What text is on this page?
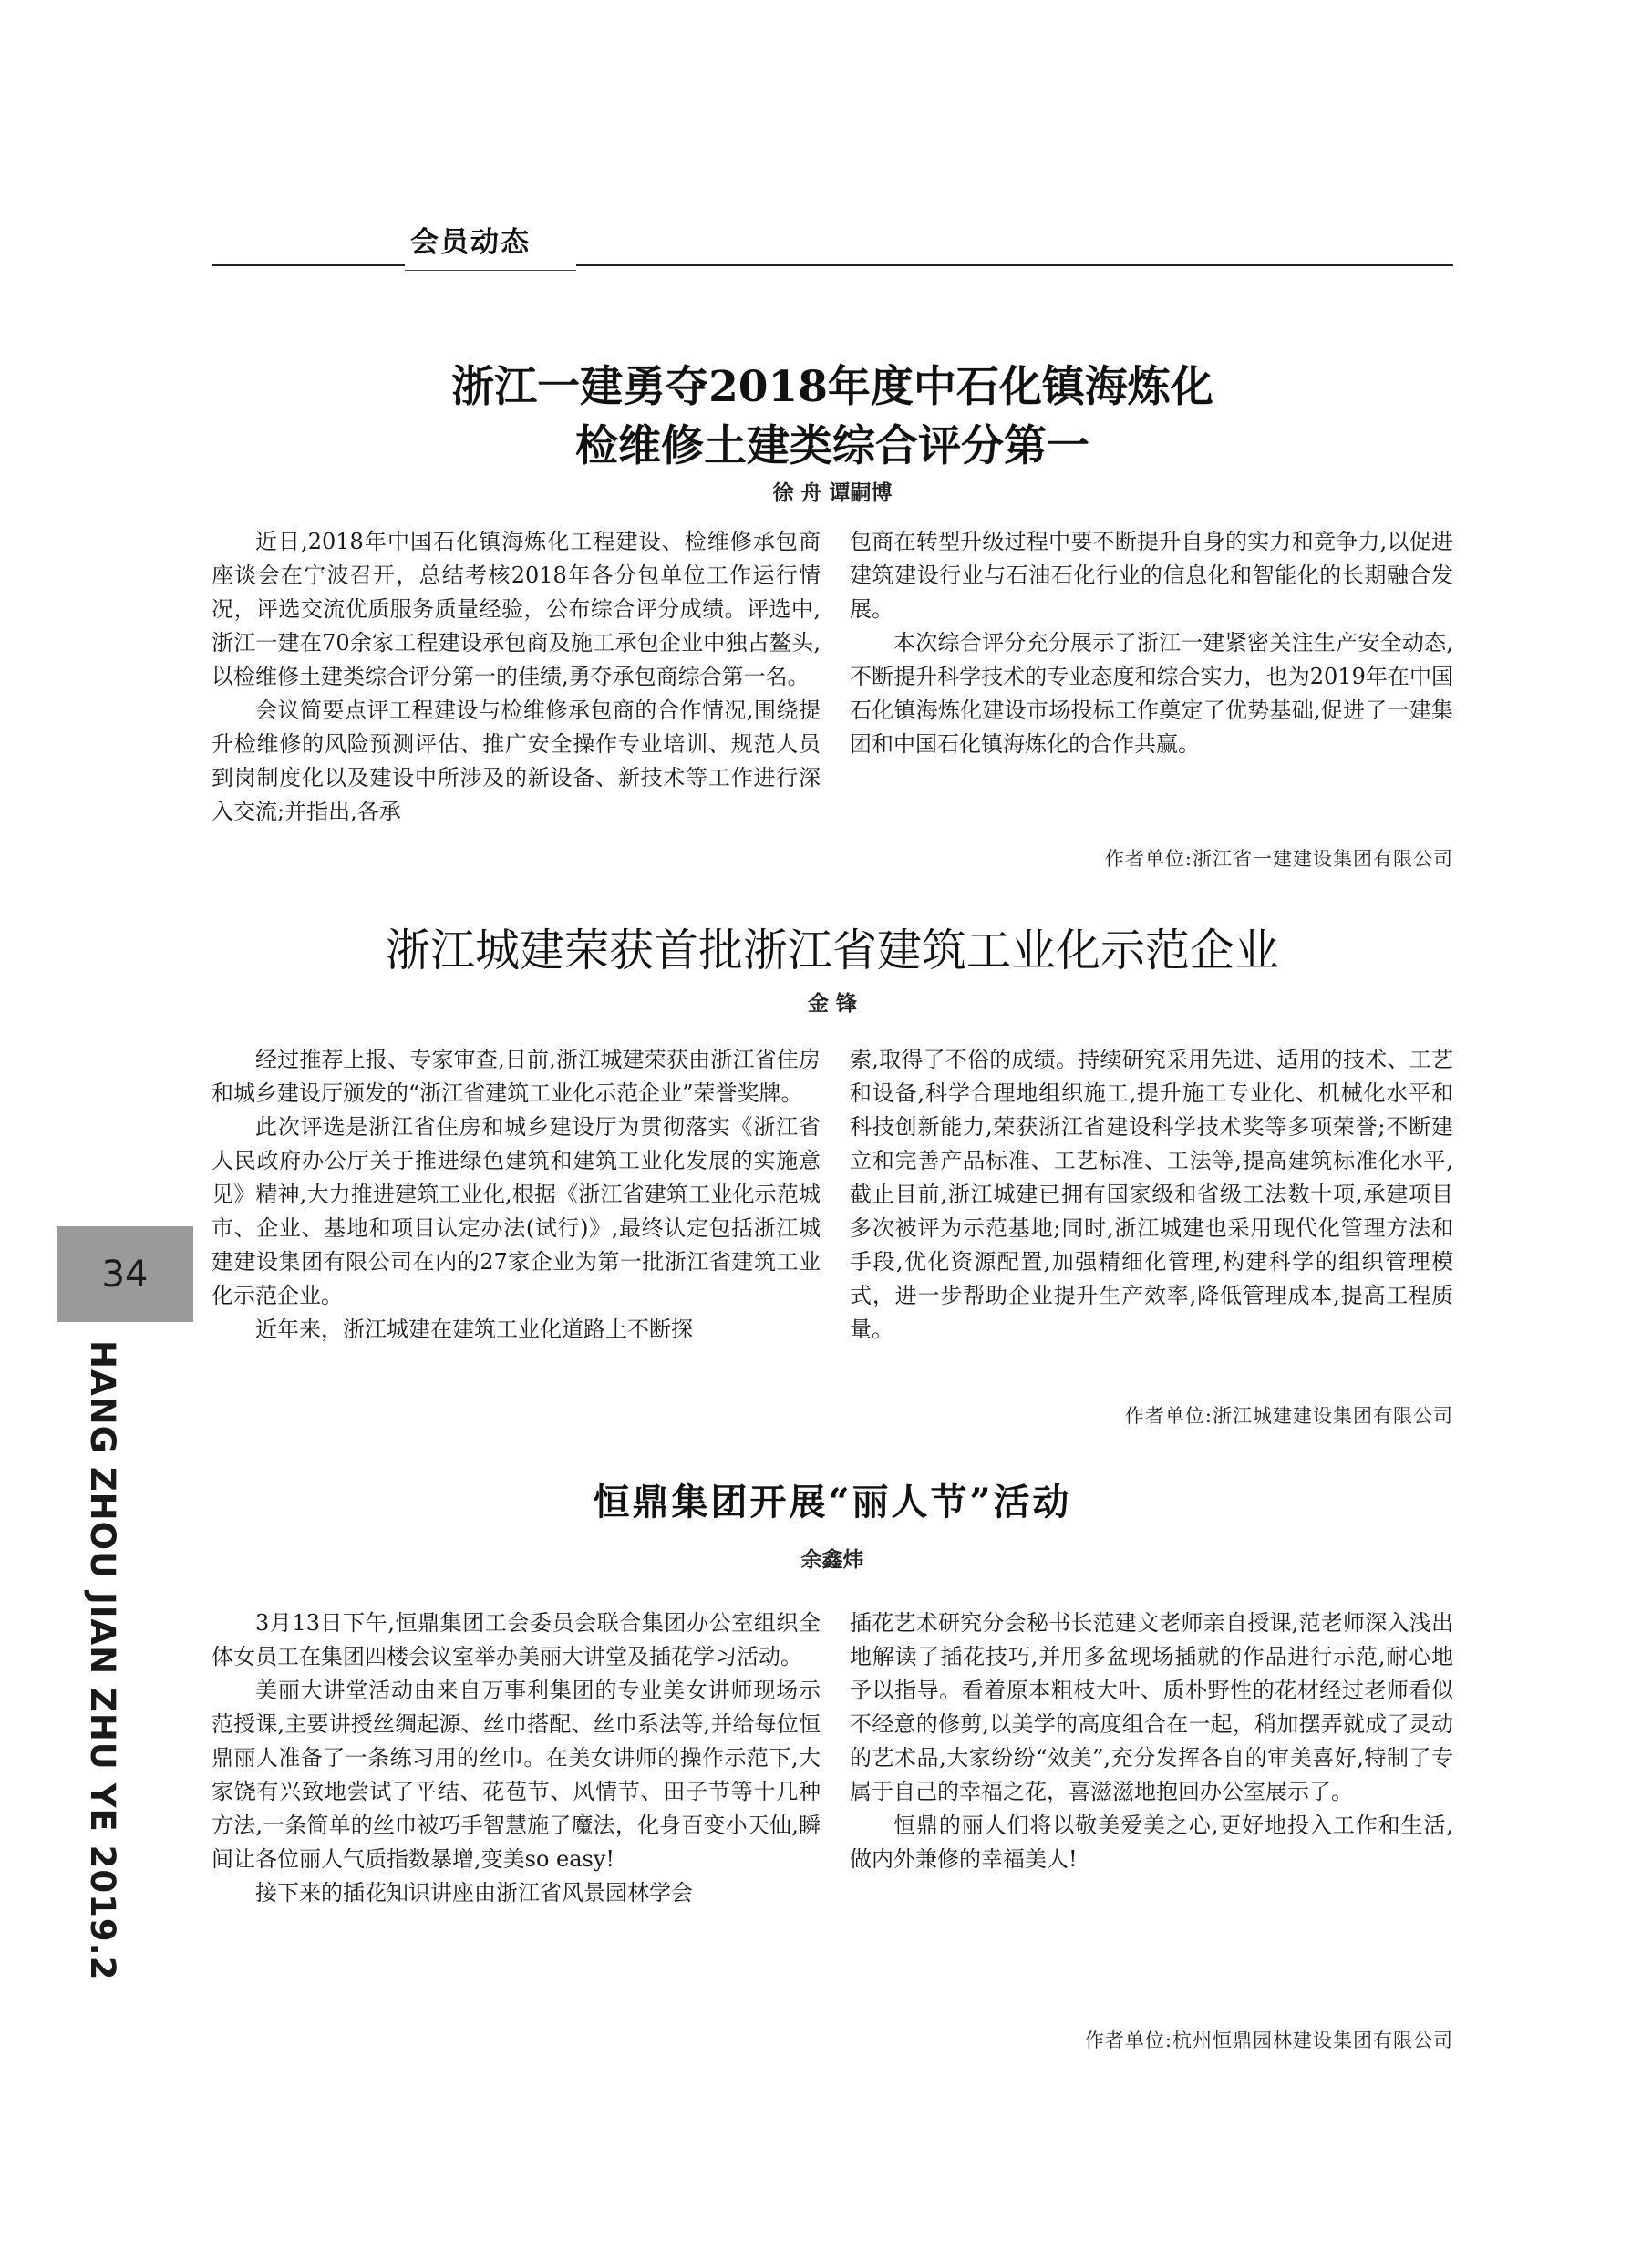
会员动态
34
HANG ZHOU JIAN ZHU YE 2019.2
浙江一建勇夺2018年度中石化镇海炼化
检维修土建类综合评分第一
徐 舟 谭嗣博

近日,2018年中国石化镇海炼化工程建设、检维修承包商座谈会在宁波召开，总结考核2018年各分包单位工作运行情况，评选交流优质服务质量经验，公布综合评分成绩。评选中,浙江一建在70余家工程建设承包商及施工承包企业中独占鳌头,以检维修土建类综合评分第一的佳绩,勇夺承包商综合第一名。

会议简要点评工程建设与检维修承包商的合作情况,围绕提升检维修的风险预测评估、推广安全操作专业培训、规范人员到岗制度化以及建设中所涉及的新设备、新技术等工作进行深入交流;并指出,各承

包商在转型升级过程中要不断提升自身的实力和竞争力,以促进建筑建设行业与石油石化行业的信息化和智能化的长期融合发展。

本次综合评分充分展示了浙江一建紧密关注生产安全动态,不断提升科学技术的专业态度和综合实力，也为2019年在中国石化镇海炼化建设市场投标工作奠定了优势基础,促进了一建集团和中国石化镇海炼化的合作共赢。

作者单位:浙江省一建建设集团有限公司
浙江城建荣获首批浙江省建筑工业化示范企业
金 锋

经过推荐上报、专家审查,日前,浙江城建荣获由浙江省住房和城乡建设厅颁发的“浙江省建筑工业化示范企业”荣誉奖牌。

此次评选是浙江省住房和城乡建设厅为贯彻落实《浙江省人民政府办公厅关于推进绿色建筑和建筑工业化发展的实施意见》精神,大力推进建筑工业化,根据《浙江省建筑工业化示范城市、企业、基地和项目认定办法(试行)》,最终认定包括浙江城建建设集团有限公司在内的27家企业为第一批浙江省建筑工业化示范企业。

近年来，浙江城建在建筑工业化道路上不断探

索,取得了不俗的成绩。持续研究采用先进、适用的技术、工艺和设备,科学合理地组织施工,提升施工专业化、机械化水平和科技创新能力,荣获浙江省建设科学技术奖等多项荣誉;不断建立和完善产品标准、工艺标准、工法等,提高建筑标准化水平,截止目前,浙江城建已拥有国家级和省级工法数十项,承建项目多次被评为示范基地;同时,浙江城建也采用现代化管理方法和手段,优化资源配置,加强精细化管理,构建科学的组织管理模式，进一步帮助企业提升生产效率,降低管理成本,提高工程质量。

作者单位:浙江城建建设集团有限公司
恒鼎集团开展“丽人节”活动
余鑫炜

3月13日下午,恒鼎集团工会委员会联合集团办公室组织全体女员工在集团四楼会议室举办美丽大讲堂及插花学习活动。

美丽大讲堂活动由来自万事利集团的专业美女讲师现场示范授课,主要讲授丝绸起源、丝巾搭配、丝巾系法等,并给每位恒鼎丽人准备了一条练习用的丝巾。在美女讲师的操作示范下,大家饶有兴致地尝试了平结、花苞节、风情节、田子节等十几种方法,一条简单的丝巾被巧手智慧施了魔法，化身百变小天仙,瞬间让各位丽人气质指数暴增,变美so easy!

接下来的插花知识讲座由浙江省风景园林学会

插花艺术研究分会秘书长范建文老师亲自授课,范老师深入浅出地解读了插花技巧,并用多盆现场插就的作品进行示范,耐心地予以指导。看着原本粗枝大叶、质朴野性的花材经过老师看似不经意的修剪,以美学的高度组合在一起，稍加摆弄就成了灵动的艺术品,大家纷纷“效美”,充分发挥各自的审美喜好,特制了专属于自己的幸福之花，喜滋滋地抱回办公室展示了。

恒鼎的丽人们将以敬美爱美之心,更好地投入工作和生活,做内外兼修的幸福美人!

作者单位:杭州恒鼎园林建设集团有限公司
